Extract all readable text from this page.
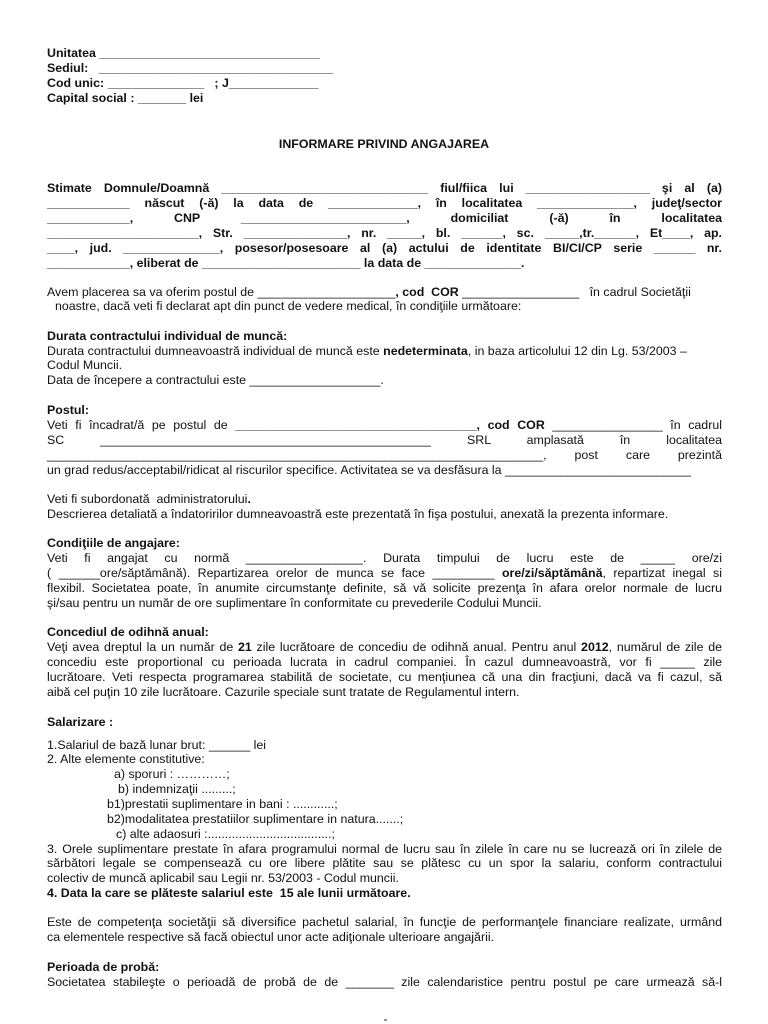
Unitatea ________________________________
Sediul:   __________________________________
Cod unic: ______________   ; J_____________
Capital social : _______ lei
INFORMARE PRIVIND ANGAJAREA
Stimate Domnule/Doamnă ______________________________ fiul/fiica lui __________________ şi al (a)
____________ născut (-ă) la data de _____________, în localitatea ______________, judeţ/sector
____________, CNP ________________________, domiciliat (-ă) în localitatea
______________________, Str. _______________, nr. _____, bl. ______, sc. _____,tr.______, Et____, ap.
____, jud. ______________, posesor/posesoare al (a) actului de identitate BI/CI/CP serie ______ nr.
____________, eliberat de _______________________ la data de ______________.
Avem placerea sa va oferim postul de ____________________, cod  COR _________________   în cadrul Societăţii
noastre, dacă veti fi declarat apt din punct de vedere medical, în condiţiile următoare:
Durata contractului individual de muncă:
Durata contractului dumneavoastră individual de muncă este nedeterminata, in baza articolului 12 din Lg. 53/2003 –
Codul Muncii.
Data de începere a contractului este ___________________.
Postul:
Veti fi încadrat/ă pe postul de ___________________________________, cod COR ________________ în cadrul
SC ________________________________________________ SRL amplasată în localitatea
________________________________________________________________________, post care prezintă
un grad redus/acceptabil/ridicat al riscurilor specifice. Activitatea se va desfăsura la ___________________________
Veti fi subordonată  administratorului.
Descrierea detaliată a îndatoririlor dumneavoastră este prezentată în fişa postului, anexată la prezenta informare.
Condiţiile de angajare:
Veti fi angajat cu normă _________________. Durata timpului de lucru este de _____ ore/zi
( ______ore/săptămână). Repartizarea orelor de munca se face _________ ore/zi/săptămână, repartizat inegal si
flexibil. Societatea poate, în anumite circumstanţe definite, să vă solicite prezenţa în afara orelor normale de lucru
şi/sau pentru un număr de ore suplimentare în conformitate cu prevederile Codului Muncii.
Concediul de odihnă anual:
Veţi avea dreptul la un număr de 21 zile lucrătoare de concediu de odihnă anual. Pentru anul 2012, numărul de zile de
concediu este proportional cu perioada lucrata in cadrul companiei. În cazul dumneavoastră, vor fi _____ zile
lucrătoare. Veti respecta programarea stabilită de societate, cu menţiunea că una din fracţiuni, dacă va fi cazul, să
aibă cel puţin 10 zile lucrătoare. Cazurile speciale sunt tratate de Regulamentul intern.
Salarizare :
1.Salariul de bază lunar brut: ______ lei
2. Alte elemente constitutive:
a) sporuri : …………;
b) indemnizaţii .........;
b1)prestatii suplimentare in bani : ............;
b2)modalitatea prestatiilor suplimentare in natura.......;
c) alte adaosuri :....................................;
3. Orele suplimentare prestate în afara programului normal de lucru sau în zilele în care nu se lucrează ori în zilele de
sărbători legale se compensează cu ore libere plătite sau se plătesc cu un spor la salariu, conform contractului
colectiv de muncă aplicabil sau Legii nr. 53/2003 - Codul muncii.
4. Data la care se plăteste salariul este  15 ale lunii următoare.
Este de competenţa societăţii să diversifice pachetul salarial, în funcţie de performanţele financiare realizate, urmând
ca elementele respective să facă obiectul unor acte adiţionale ulterioare angajării.
Perioada de probă:
Societatea stabileşte o perioadă de probă de de _______ zile calendaristice pentru postul pe care urmează să-l
